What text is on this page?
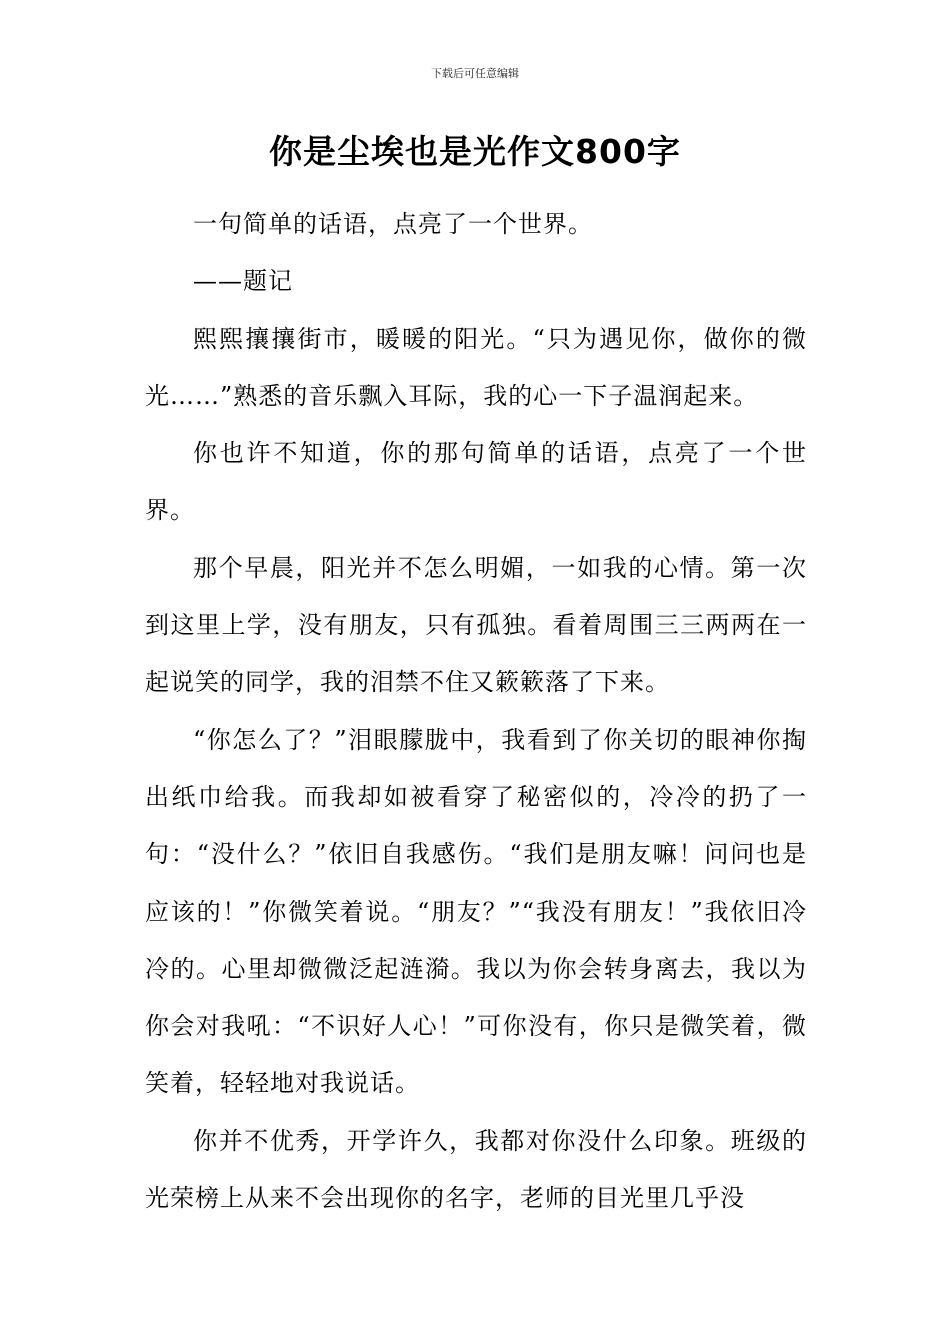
下载后可任意编辑
你是尘埃也是光作文800字

一句简单的话语，点亮了一个世界。

——题记

熙熙攘攘街市，暖暖的阳光。“只为遇见你，做你的微光……”熟悉的音乐飘入耳际，我的心一下子温润起来。

你也许不知道，你的那句简单的话语，点亮了一个世界。

那个早晨，阳光并不怎么明媚，一如我的心情。第一次到这里上学，没有朋友，只有孤独。看着周围三三两两在一起说笑的同学，我的泪禁不住又簌簌落了下来。

“你怎么了？”泪眼朦胧中，我看到了你关切的眼神你掏出纸巾给我。而我却如被看穿了秘密似的，冷冷的扔了一句：“没什么？”依旧自我感伤。“我们是朋友嘛！问问也是应该的！”你微笑着说。“朋友？”“我没有朋友！”我依旧冷冷的。心里却微微泛起涟漪。我以为你会转身离去，我以为你会对我吼：“不识好人心！”可你没有，你只是微笑着，微笑着，轻轻地对我说话。

你并不优秀，开学许久，我都对你没什么印象。班级的光荣榜上从来不会出现你的名字，老师的目光里几乎没
